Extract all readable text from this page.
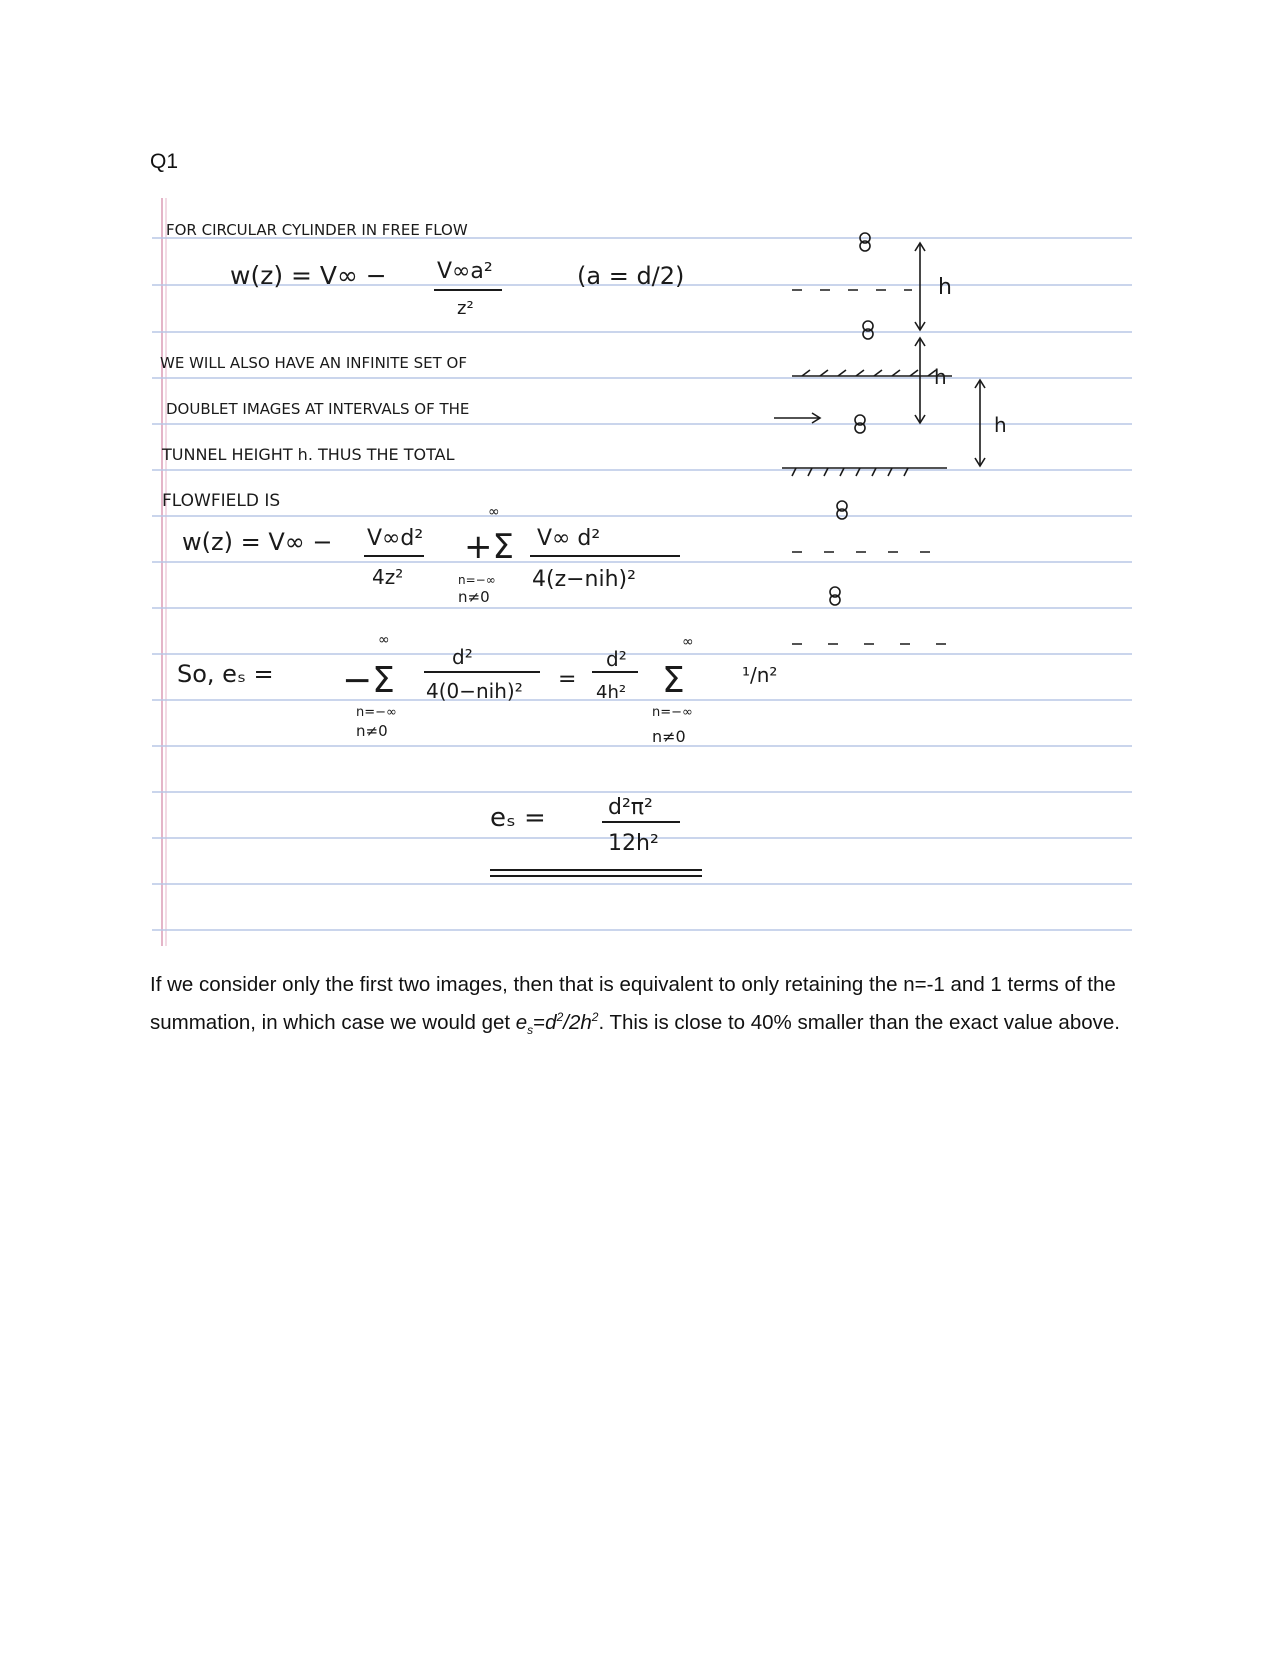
Q1
FOR CIRCULAR CYLINDER IN FREE FLOW
w(z) = V∞ − V∞a²
z²
(a = d/2)
WE WILL ALSO HAVE AN INFINITE SET OF
DOUBLET IMAGES AT INTERVALS OF THE
TUNNEL HEIGHT h. THUS THE TOTAL
FLOWFIELD IS
w(z) = V∞ − V∞d²
4z²
∞
+Σ
n=−∞
n≠0
V∞ d²
4(z−nih)²
So, eₛ =
∞
−Σ
n=−∞
n≠0
d²
4(0−nih)² =
d²
4h²
∞
Σ
n=−∞
n≠0
¹/n²
eₛ =	d²π²
12h²
h
h
h

If we consider only the first two images, then that is equivalent to only retaining the n=-1 and 1 terms of the summation, in which case we would get $e_s=d^2/2h^2$. This is close to 40% smaller than the exact value above.
